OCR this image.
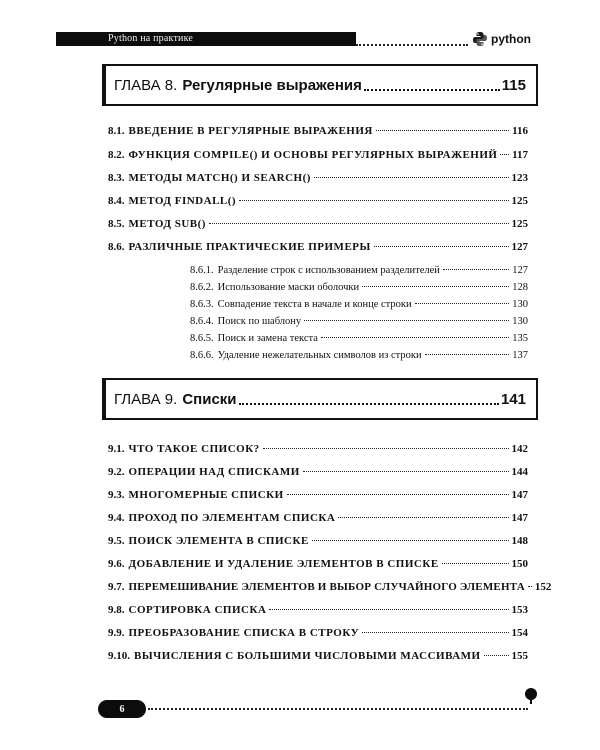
Python на практике	python
ГЛАВА 8. Регулярные выражения	115
8.1. ВВЕДЕНИЕ В РЕГУЛЯРНЫЕ ВЫРАЖЕНИЯ	116
8.2. ФУНКЦИЯ COMPILE() И ОСНОВЫ РЕГУЛЯРНЫХ ВЫРАЖЕНИЙ 117
8.3. МЕТОДЫ MATCH() И SEARCH()	123
8.4. МЕТОД FINDALL()	125
8.5. МЕТОД SUB()	125
8.6. РАЗЛИЧНЫЕ ПРАКТИЧЕСКИЕ ПРИМЕРЫ	127
8.6.1. Разделение строк с использованием разделителей	127
8.6.2. Использование маски оболочки	128
8.6.3. Совпадение текста в начале и конце строки	130
8.6.4. Поиск по шаблону	130
8.6.5. Поиск и замена текста	135
8.6.6. Удаление нежелательных символов из строки	137
ГЛАВА 9. Списки	141
9.1. ЧТО ТАКОЕ СПИСОК?	142
9.2. ОПЕРАЦИИ НАД СПИСКАМИ	144
9.3. МНОГОМЕРНЫЕ СПИСКИ	147
9.4. ПРОХОД ПО ЭЛЕМЕНТАМ СПИСКА	147
9.5. ПОИСК ЭЛЕМЕНТА В СПИСКЕ	148
9.6. ДОБАВЛЕНИЕ И УДАЛЕНИЕ ЭЛЕМЕНТОВ В СПИСКЕ	150
9.7. ПЕРЕМЕШИВАНИЕ ЭЛЕМЕНТОВ И ВЫБОР СЛУЧАЙНОГО ЭЛЕМЕНТА 152
9.8. СОРТИРОВКА СПИСКА	153
9.9. ПРЕОБРАЗОВАНИЕ СПИСКА В СТРОКУ	154
9.10. ВЫЧИСЛЕНИЯ С БОЛЬШИМИ ЧИСЛОВЫМИ МАССИВАМИ	155
6
